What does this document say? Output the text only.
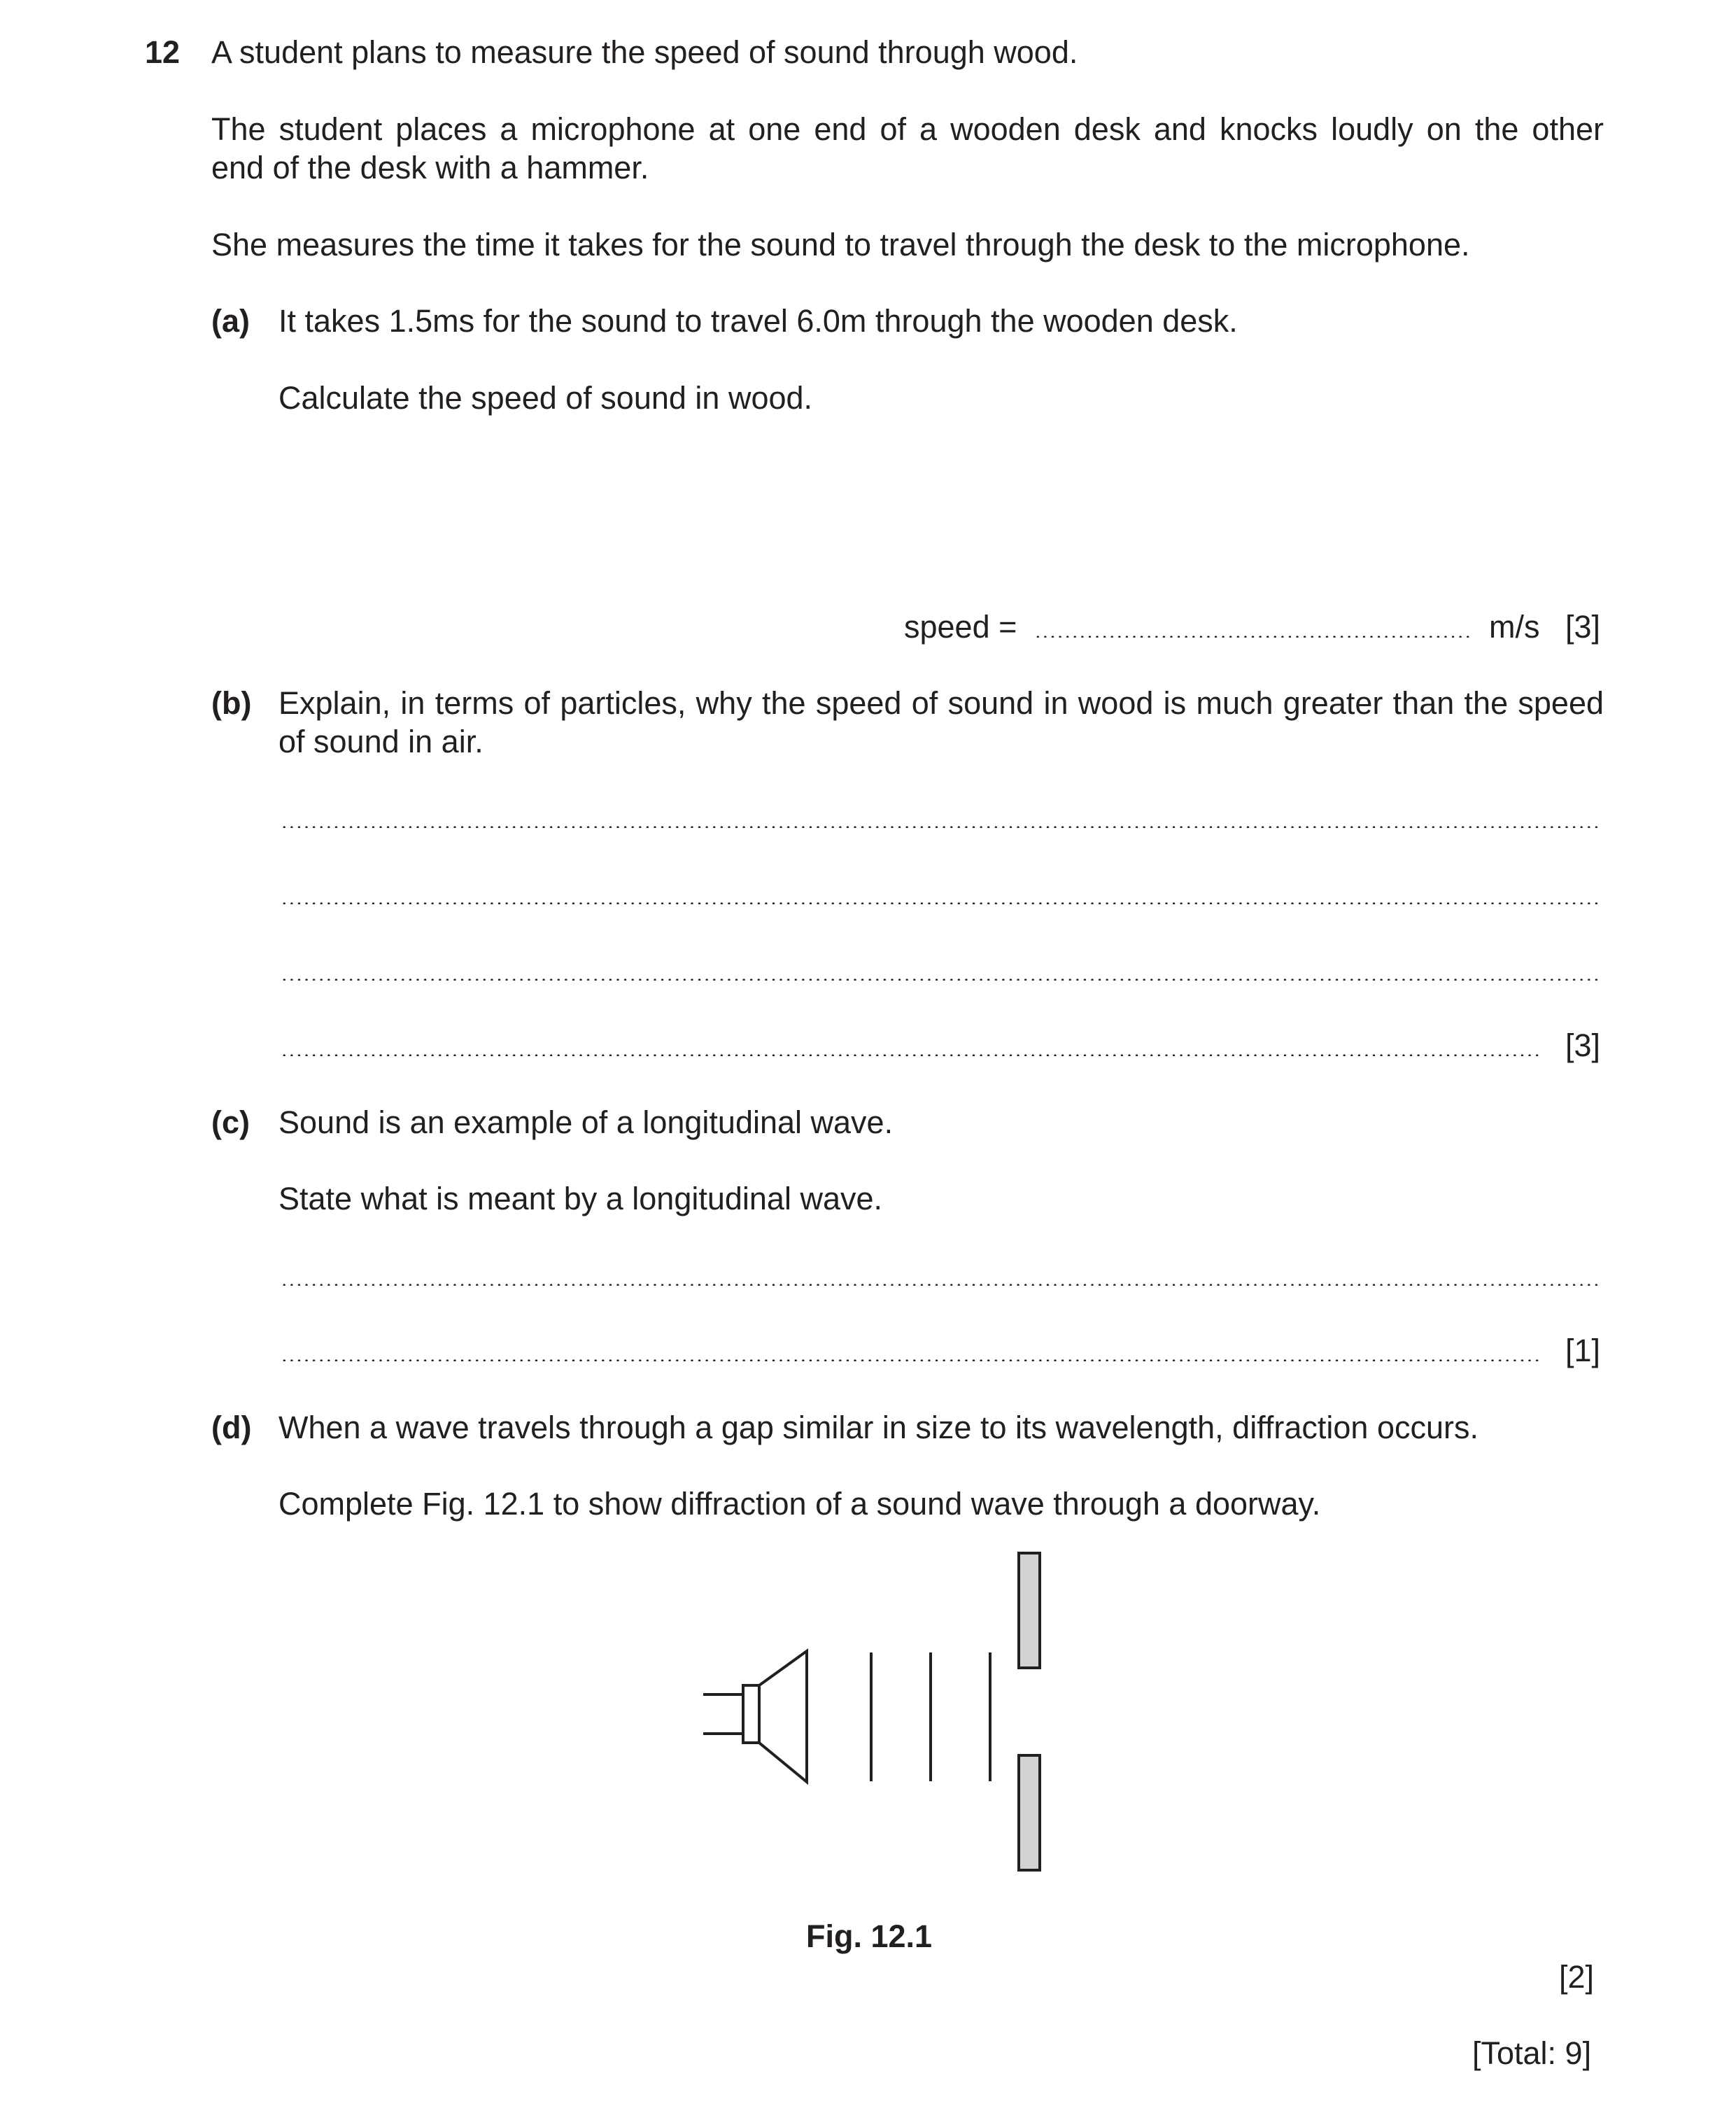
12 A student plans to measure the speed of sound through wood.
The student places a microphone at one end of a wooden desk and knocks loudly on the other
end of the desk with a hammer.
She measures the time it takes for the sound to travel through the desk to the microphone.
(a) It takes 1.5ms for the sound to travel 6.0m through the wooden desk.
Calculate the speed of sound in wood.
speed =	m/s [3]
(b) Explain, in terms of particles, why the speed of sound in wood is much greater than the speed
of sound in air.
[3]
(c) Sound is an example of a longitudinal wave.
State what is meant by a longitudinal wave.
[1]
(d) When a wave travels through a gap similar in size to its wavelength, diffraction occurs.
Complete Fig. 12.1 to show diffraction of a sound wave through a doorway.
Fig. 12.1
[2]
[Total: 9]
